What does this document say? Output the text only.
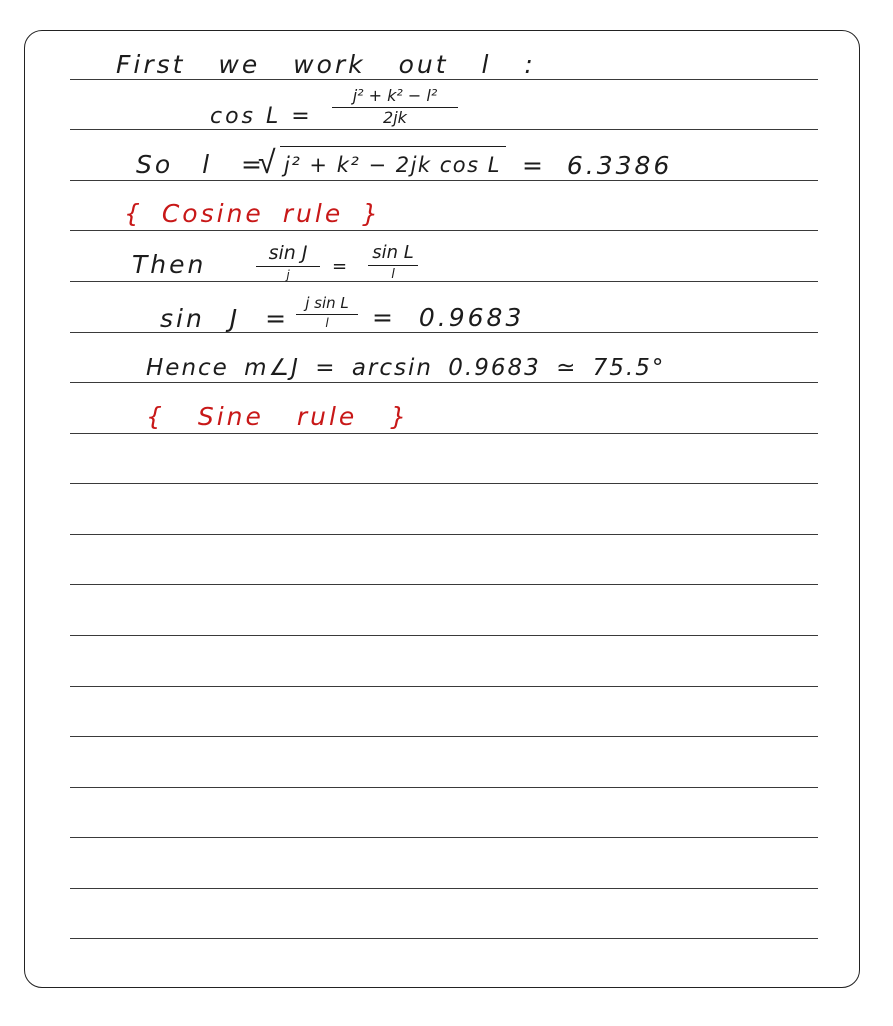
First we work out l :
cos L =
j² + k² − l²
2jk
So l =
√ j² + k² − 2jk cos L = 6.3386
{ Cosine rule }
Then	sin J
j	=
sin L
l
sin J =
j sin L
l	= 0.9683
Hence m∠J = arcsin 0.9683 ≃ 75.5°
{ Sine rule }
